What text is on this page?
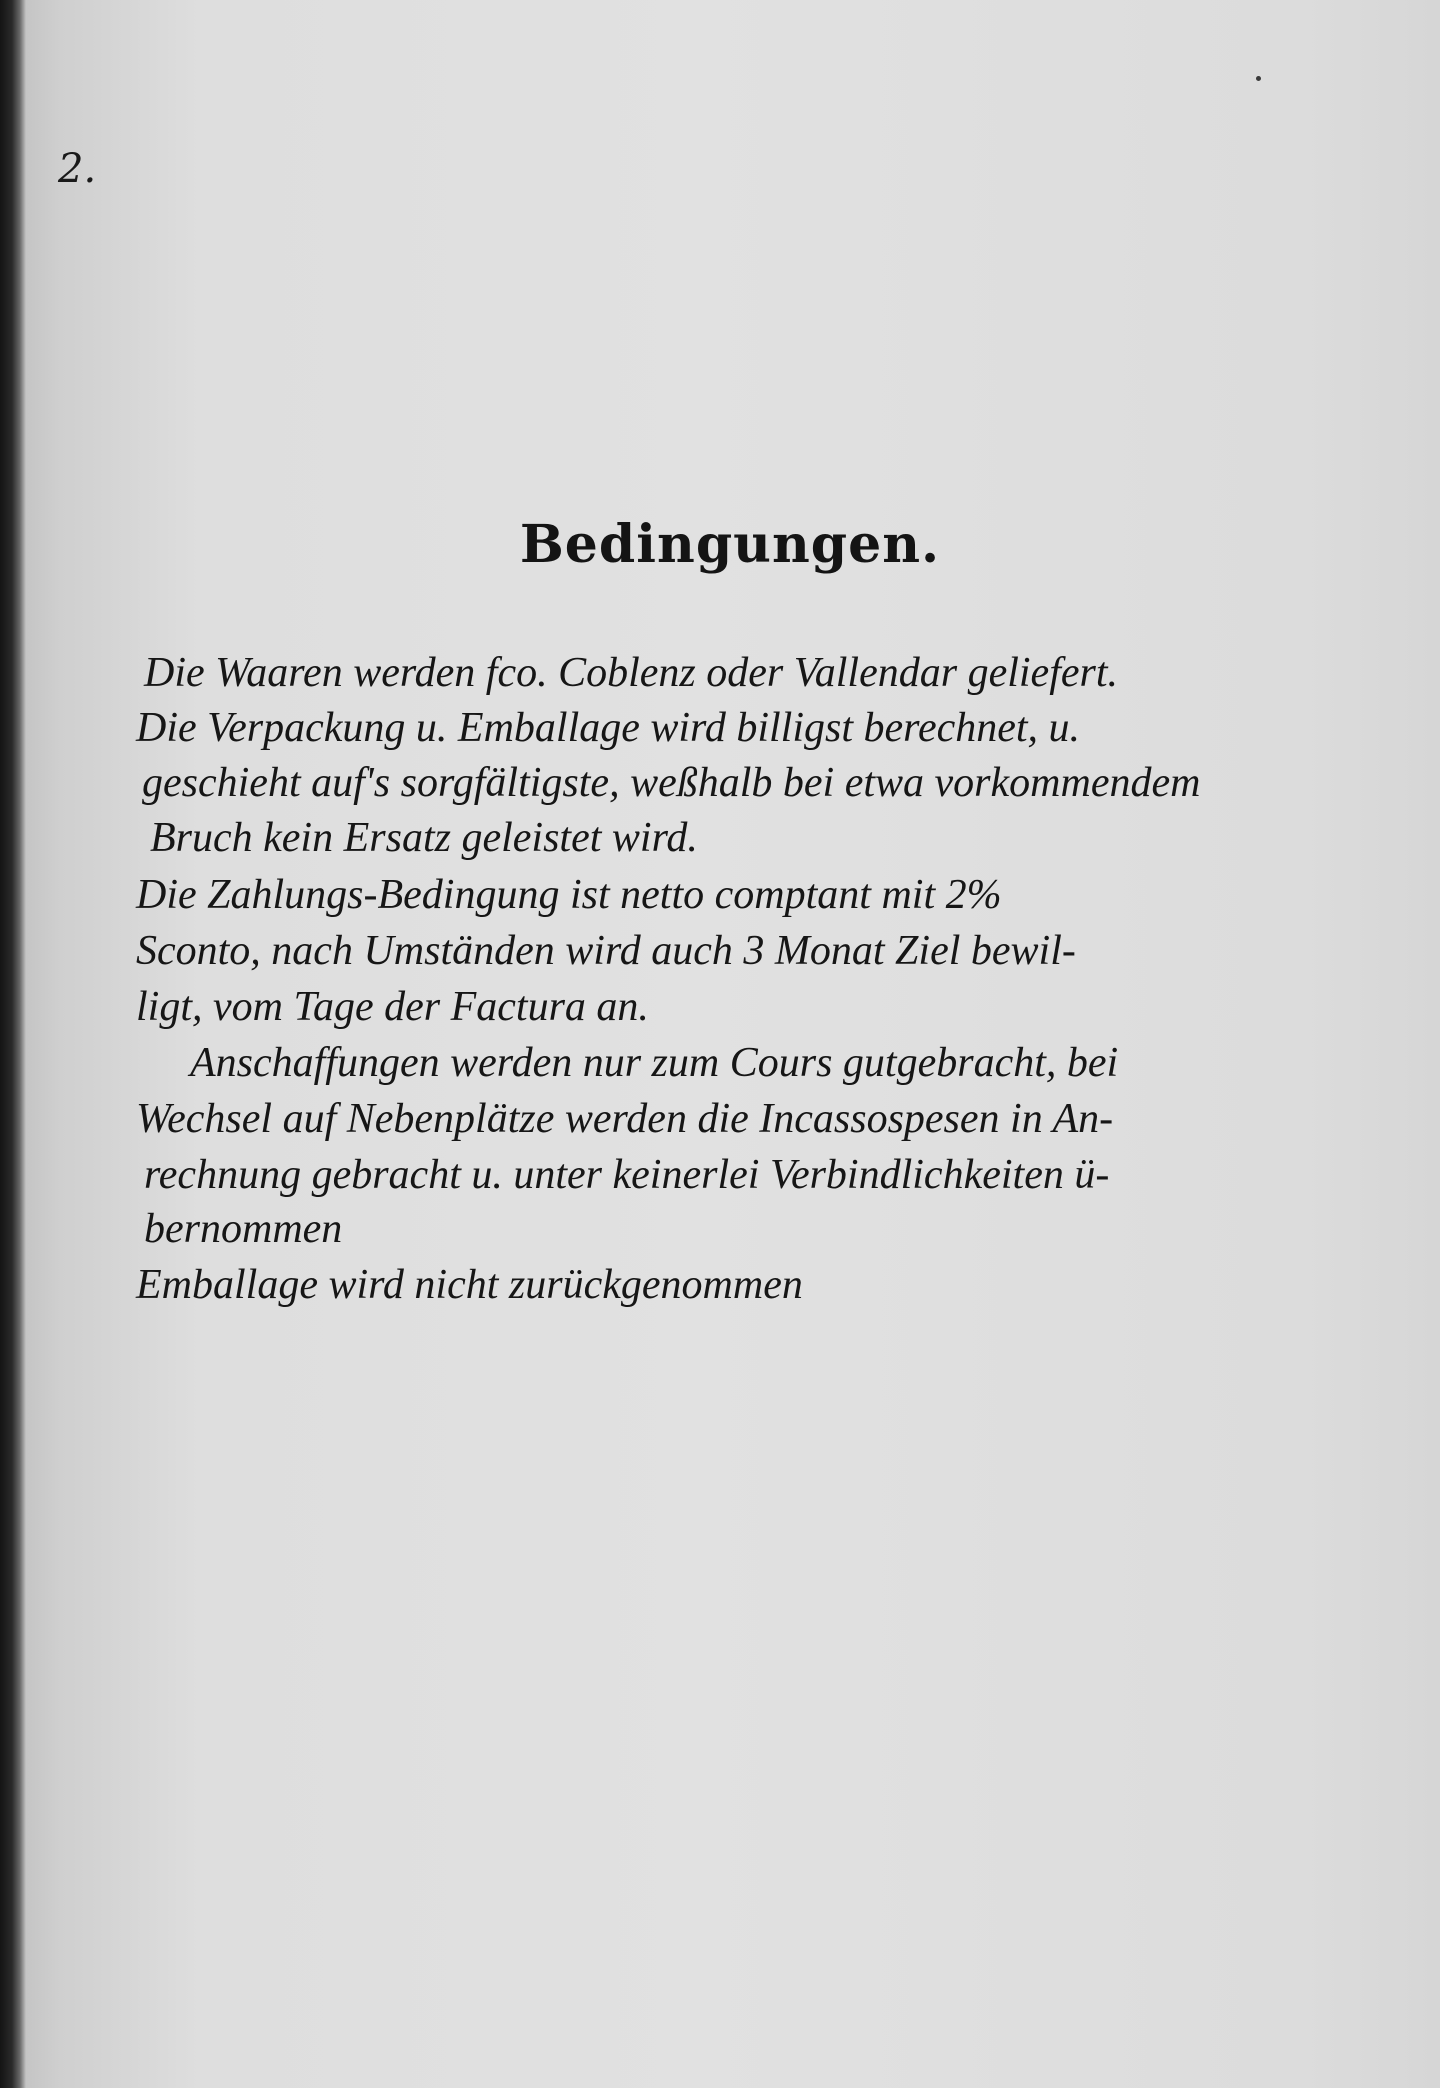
2.
Bedingungen.
Die Waaren werden fco. Coblenz oder Vallendar geliefert.
Die Verpackung u. Emballage wird billigst berechnet, u.
geschieht auf's sorgfältigste, weßhalb bei etwa vorkommendem
Bruch kein Ersatz geleistet wird.
Die Zahlungs-Bedingung ist netto comptant mit 2%
Sconto, nach Umständen wird auch 3 Monat Ziel bewil-
ligt, vom Tage der Factura an.
Anschaffungen werden nur zum Cours gutgebracht, bei
Wechsel auf Nebenplätze werden die Incassospesen in An-
rechnung gebracht u. unter keinerlei Verbindlichkeiten ü-
bernommen
Emballage wird nicht zurückgenommen
